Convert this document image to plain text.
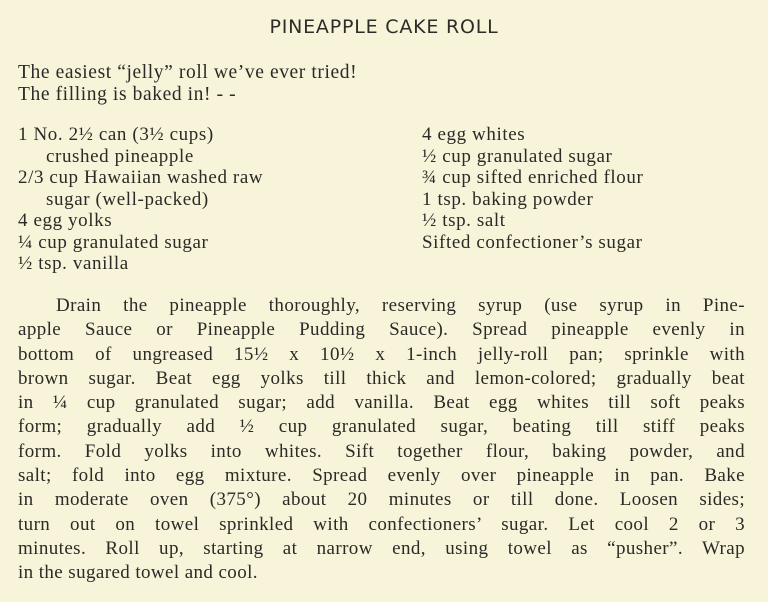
PINEAPPLE CAKE ROLL
The easiest “jelly” roll we’ve ever tried!
The filling is baked in! - -
1 No. 2½ can (3½ cups)
crushed pineapple
2/3 cup Hawaiian washed raw
sugar (well-packed)
4 egg yolks
¼ cup granulated sugar
½ tsp. vanilla
4 egg whites
½ cup granulated sugar
¾ cup sifted enriched flour
1 tsp. baking powder
½ tsp. salt
Sifted confectioner’s sugar
Drain the pineapple thoroughly, reserving syrup (use syrup in Pine-
apple Sauce or Pineapple Pudding Sauce). Spread pineapple evenly in
bottom of ungreased 15½ x 10½ x 1-inch jelly-roll pan; sprinkle with
brown sugar. Beat egg yolks till thick and lemon-colored; gradually beat
in ¼ cup granulated sugar; add vanilla. Beat egg whites till soft peaks
form; gradually add ½ cup granulated sugar, beating till stiff peaks
form. Fold yolks into whites. Sift together flour, baking powder, and
salt; fold into egg mixture. Spread evenly over pineapple in pan. Bake
in moderate oven (375°) about 20 minutes or till done. Loosen sides;
turn out on towel sprinkled with confectioners’ sugar. Let cool 2 or 3
minutes. Roll up, starting at narrow end, using towel as “pusher”. Wrap
in the sugared towel and cool.
